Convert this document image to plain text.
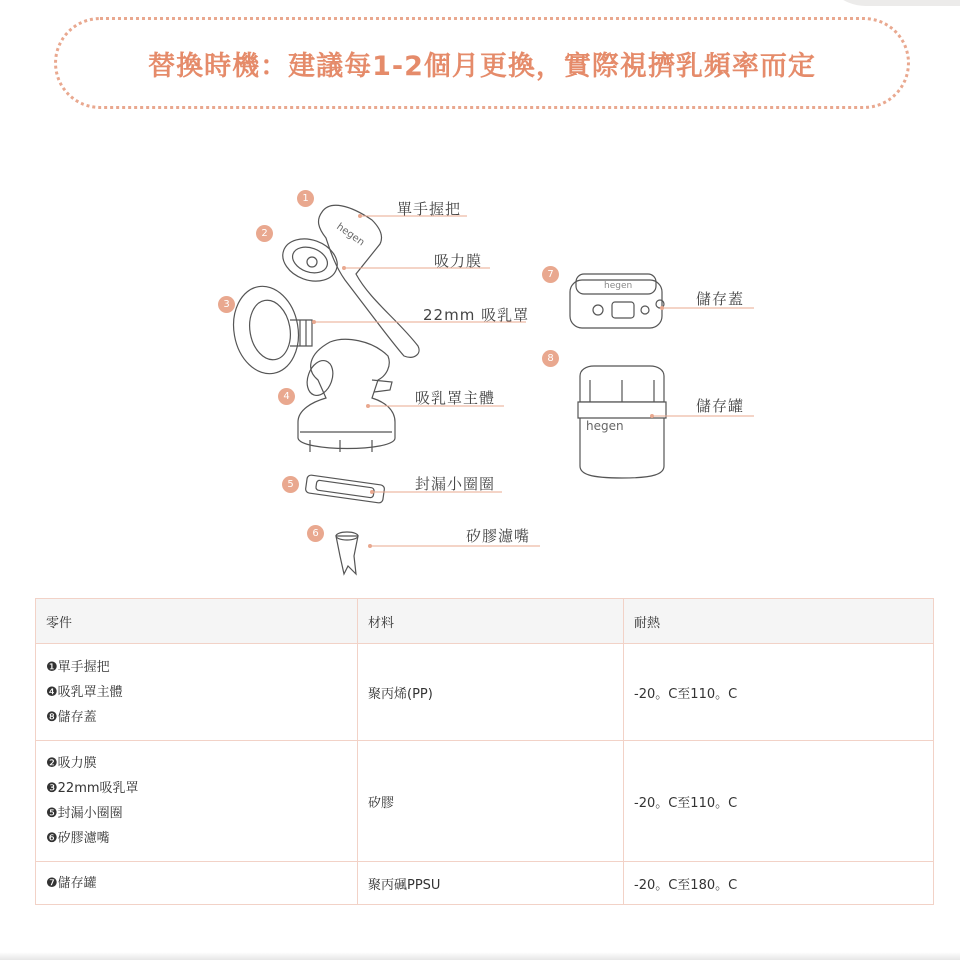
替換時機：建議每1-2個月更換，實際視擠乳頻率而定
hegen
hegen
hegen
1
2
3
4
5
6
7
8
單手握把
吸力膜
22mm 吸乳罩
吸乳罩主體
封漏小圈圈
矽膠濾嘴
儲存蓋
儲存罐
零件	材料	耐熱

❶單手握把
❹吸乳罩主體
❽儲存蓋	聚丙烯(PP)	-20。C至110。C

❷吸力膜
❸22mm吸乳罩
❺封漏小圈圈
❻矽膠濾嘴	矽膠	-20。C至110。C

❼儲存罐	聚丙碸PPSU	-20。C至180。C
